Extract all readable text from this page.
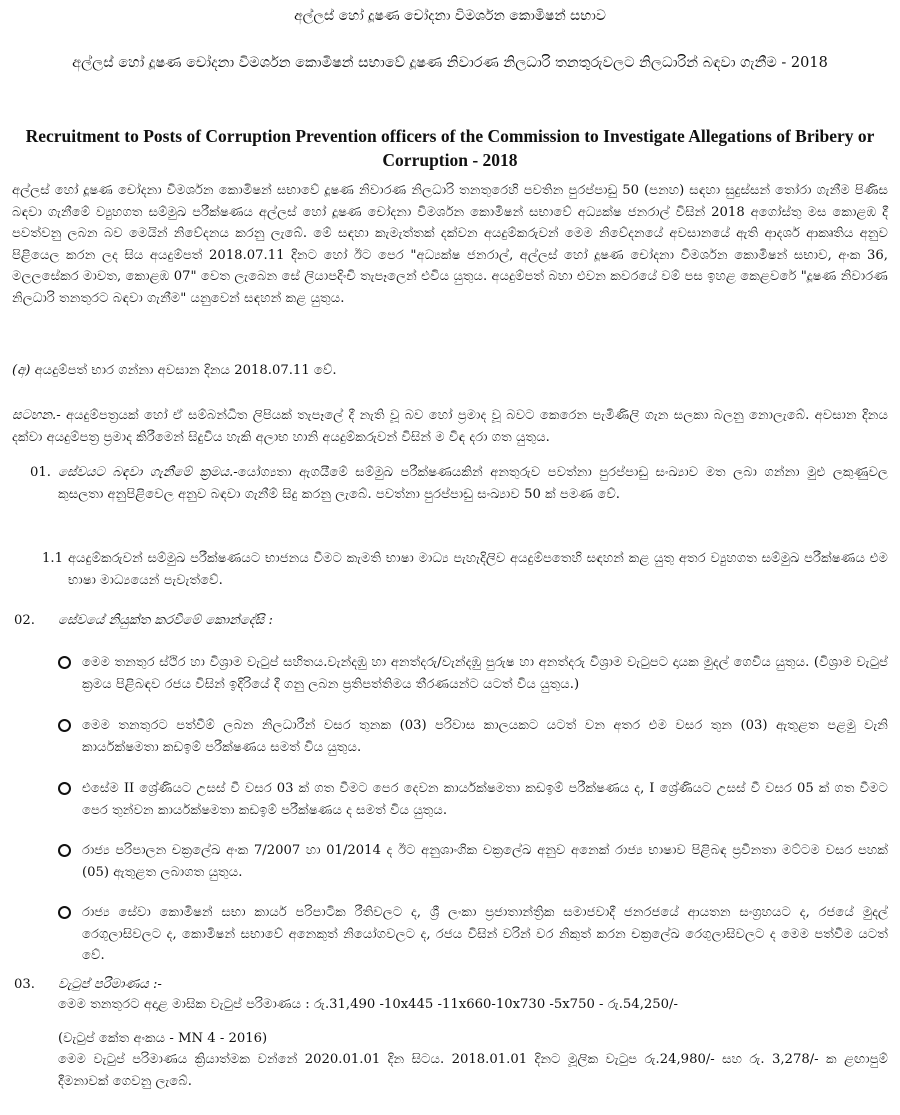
අල්ලස් හෝ දූෂණ චෝදනා විමර්ශන කොමිෂන් සභාව
අල්ලස් හෝ දූෂණ චෝදනා විමර්ශන කොමිෂන් සභාවේ දූෂණ නිවාරණ නිලධාරි තනතුරුවලට නිලධාරින් බඳවා ගැනීම - 2018
Recruitment to Posts of Corruption Prevention officers of the Commission to Investigate Allegations of Bribery or Corruption - 2018
අල්ලස් හෝ දූෂණ චෝදනා විමර්ශන කොමිෂන් සභාවේ දූෂණ නිවාරණ නිලධාරි තනතුරෙහි පවතින පුරප්පාඩු 50 (පනහ) සඳහා සුදුස්සන් තෝරා ගැනීම පිණිස බඳවා ගැනීමේ ව්‍යුහගත සම්මුඛ පරීක්ෂණය අල්ලස් හෝ දූෂණ චෝදනා විමර්ශන කොමිෂන් සභාවේ අධ්‍යක්ෂ ජනරාල් විසින් 2018 අගෝස්තු මස කොළඹ දී පවත්වනු ලබන බව මෙයින් නිවේදනය කරනු ලැබේ. මේ සඳහා කැමැත්තක් දක්වන අයදුම්කරුවන් මෙම නිවේදනයේ අවසානයේ ඇති ආදර්ශ ආකෘතිය අනුව පිළියෙල කරන ලද සිය අයදුම්පත් 2018.07.11 දිනට හෝ ඊට පෙර "අධ්‍යක්ෂ ජනරාල්, අල්ලස් හෝ දූෂණ චෝදනා විමර්ශන කොමිෂන් සභාව, අංක 36, මලලසේකර මාවත, කොළඹ 07" වෙත ලැබෙන සේ ලියාපදිංචි තැපෑලෙන් එවිය යුතුය. අයදුම්පත් බහා එවන කවරයේ වම් පස ඉහළ කෙළවරේ "දූෂණ නිවාරණ නිලධාරි තනතුරට බඳවා ගැනීම" යනුවෙන් සඳහන් කළ යුතුය.
(අ) අයදුම්පත් භාර ගන්නා අවසාන දිනය 2018.07.11 වේ.
සටහන.- අයදුම්පත්‍රයක් හෝ ඒ සම්බන්ධිත ලිපියක් තැපෑලේ දී නැති වූ බව හෝ ප්‍රමාද වූ බවට කෙරෙන පැමිණිලි ගැන සලකා බලනු නොලැබේ. අවසාන දිනය දක්වා අයදුම්පත්‍ර ප්‍රමාද කිරීමෙන් සිදුවිය හැකි අලාභ හානි අයදුම්කරුවන් විසින් ම විඳ දරා ගත යුතුය.
01. සේවයට බඳවා ගැනීමේ ක්‍රමය.-යෝග්‍යතා ඇගයීමේ සම්මුඛ පරීක්ෂණයකින් අනතුරුව පවත්නා පුරප්පාඩු සංඛ්‍යාව මත ලබා ගන්නා මුළු ලකුණුවල කුසලතා අනුපිළිවෙල අනුව බඳවා ගැනීම් සිදු කරනු ලැබේ. පවත්නා පුරප්පාඩු සංඛ්‍යාව 50 ක් පමණ වේ.
1.1 අයදුම්කරුවන් සම්මුඛ පරීක්ෂණයට භාජනය වීමට කැමති භාෂා මාධ්‍ය පැහැදිලිව අයදුම්පතෙහි සඳහන් කළ යුතු අතර ව්‍යුහගත සම්මුඛ පරීක්ෂණය එම භාෂා මාධ්‍යයෙන් පැවැත්වේ.
02. සේවයේ නියුක්ත කරවීමේ කොන්දේසි :
මෙම තනතුර ස්ථිර හා විශ්‍රාම වැටුප් සහිතය.වැන්දඹු හා අනත්දරු/වැන්දඹු පුරුෂ හා අනත්දරු විශ්‍රාම වැටුපට දායක මුදල් ගෙවිය යුතුය. (විශ්‍රාම වැටුප් ක්‍රමය පිළිබඳව රජය විසින් ඉදිරියේ දී ගනු ලබන ප්‍රතිපත්තිමය තීරණයන්ට යටත් විය යුතුය.)
මෙම තනතුරට පත්වීම් ලබන නිලධාරීන් වසර තුනක (03) පරිවාස කාලයකට යටත් වන අතර එම වසර තුන (03) ඇතුළත පළමු වැනි කාර්යක්ෂමතා කඩඉම් පරීක්ෂණය සමත් විය යුතුය.
එසේම II ශ්‍රේණියට උසස් වී වසර 03 ක් ගත වීමට පෙර දෙවන කාර්යක්ෂමතා කඩඉම් පරීක්ෂණය ද, I ශ්‍රේණියට උසස් වී වසර 05 ක් ගත වීමට පෙර තුන්වන කාර්යක්ෂමතා කඩඉම් පරීක්ෂණය ද සමත් විය යුතුය.
රාජ්‍ය පරිපාලන චක්‍රලේඛ අංක 7/2007 හා 01/2014 ද ඊට අනුශාංගික චක්‍රලේඛ අනුව අනෙක් රාජ්‍ය භාෂාව පිළිබඳ ප්‍රවීනතා මට්ටම වසර පහක් (05) ඇතුළත ලබාගත යුතුය.
රාජ්‍ය සේවා කොමිෂන් සභා කාර්ය පරිපාටික රීතිවලට ද, ශ්‍රී ලංකා ප්‍රජාතාන්ත්‍රික සමාජවාදී ජනරජයේ ආයතන සංග්‍රහයට ද, රජයේ මුදල් රෙගුලාසිවලට ද, කොමිෂන් සභාවේ අනෙකුත් නියෝගවලට ද, රජය විසින් වරින් වර නිකුත් කරන චක්‍රලේඛ රෙගුලාසිවලට ද මෙම පත්වීම යටත් වේ.
03. වැටුප් පරිමාණය :-
මෙම තනතුරට අදාළ මාසික වැටුප් පරිමාණය : රු.31,490 -10x445 -11x660-10x730 -5x750 - රු.54,250/-
(වැටුප් කේත අංකය - MN 4 - 2016)
මෙම වැටුප් පරිමාණය ක්‍රියාත්මක වන්නේ 2020.01.01 දින සිටය. 2018.01.01 දිනට මූලික වැටුප රු.24,980/- සහ රු. 3,278/- ක ළඟාපුම් දීමනාවක් ගෙවනු ලැබේ.
